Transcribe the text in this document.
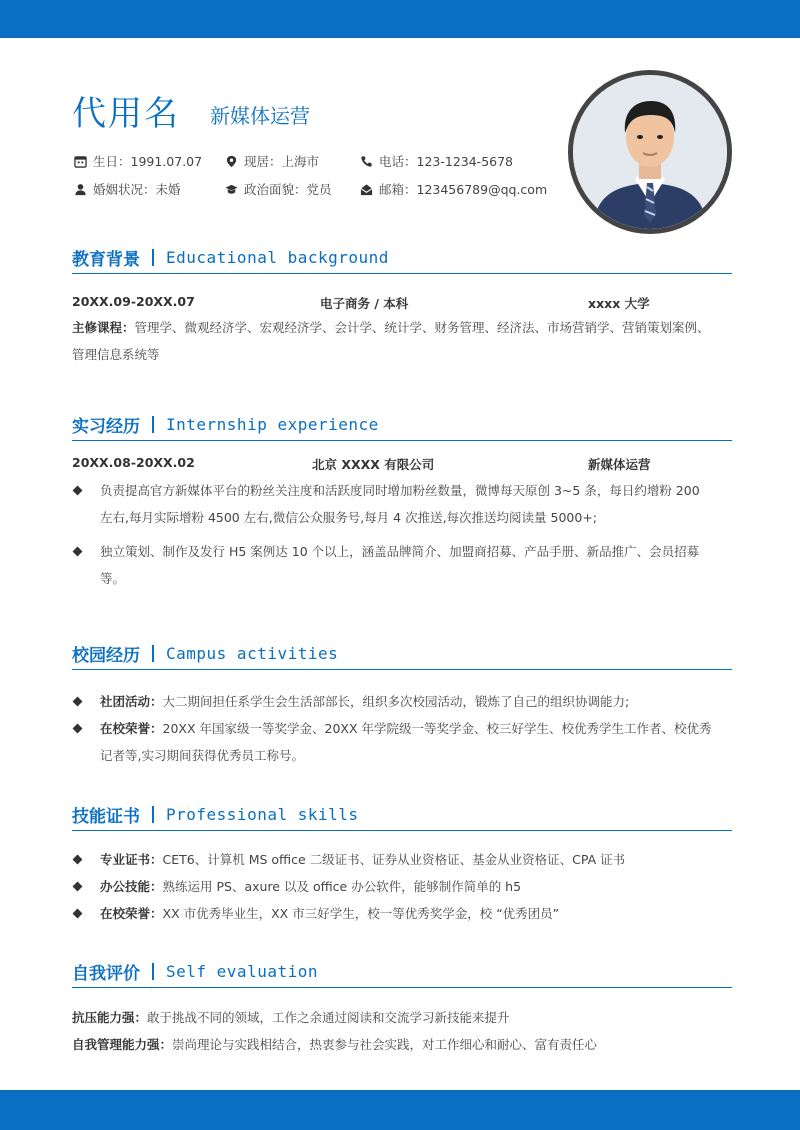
代用名 新媒体运营
生日：1991.07.07	现居：上海市	电话：123-1234-5678
婚姻状况：未婚	政治面貌：党员	邮箱：123456789@qq.com
教育背景 Educational background
20XX.09-20XX.07	电子商务 / 本科	xxxx 大学
主修课程：管理学、微观经济学、宏观经济学、会计学、统计学、财务管理、经济法、市场营销学、营销策划案例、管理信息系统等
实习经历 Internship experience
20XX.08-20XX.02	北京 XXXX 有限公司	新媒体运营
负责提高官方新媒体平台的粉丝关注度和活跃度同时增加粉丝数量，微博每天原创 3~5 条，每日约增粉 200 左右,每月实际增粉 4500 左右,微信公众服务号,每月 4 次推送,每次推送均阅读量 5000+;
独立策划、制作及发行 H5 案例达 10 个以上，涵盖品牌简介、加盟商招募、产品手册、新品推广、会员招募等。
校园经历 Campus activities
社团活动：大二期间担任系学生会生活部部长，组织多次校园活动，锻炼了自己的组织协调能力;
在校荣誉：20XX 年国家级一等奖学金、20XX 年学院级一等奖学金、校三好学生、校优秀学生工作者、校优秀记者等,实习期间获得优秀员工称号。
技能证书 Professional skills
专业证书：CET6、计算机 MS office 二级证书、证券从业资格证、基金从业资格证、CPA 证书
办公技能：熟练运用 PS、axure 以及 office 办公软件，能够制作简单的 h5
在校荣誉：XX 市优秀毕业生，XX 市三好学生，校一等优秀奖学金，校 “优秀团员”
自我评价 Self evaluation
抗压能力强：敢于挑战不同的领域，工作之余通过阅读和交流学习新技能来提升
自我管理能力强：崇尚理论与实践相结合，热衷参与社会实践，对工作细心和耐心、富有责任心
